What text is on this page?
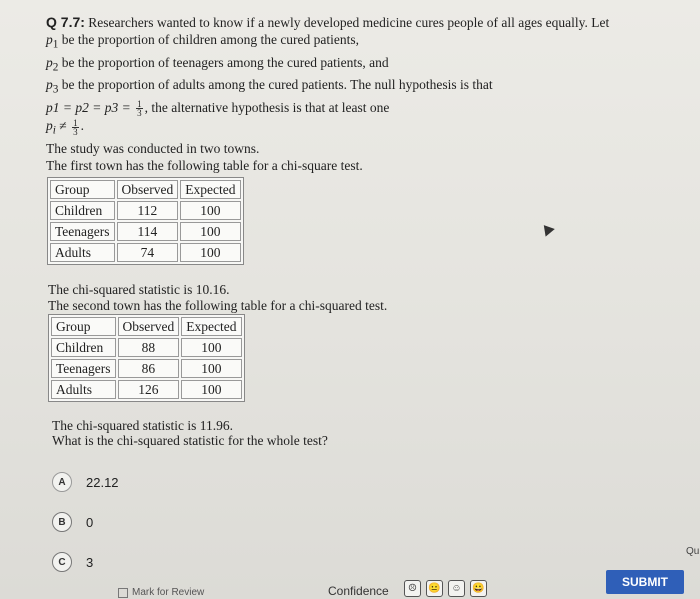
Q 7.7: Researchers wanted to know if a newly developed medicine cures people of all ages equally. Let
$p_1$ be the proportion of children among the cured patients,
$p_2$ be the proportion of teenagers among the cured patients, and
$p_3$ be the proportion of adults among the cured patients. The null hypothesis is that
$p1 = p2 = p3 = \frac{1}{3}$ , the alternative hypothesis is that at least one
$p_i \ne \frac{1}{3}$ .
The study was conducted in two towns.
The first town has the following table for a chi-square test.
Group	Observed	Expected
Children	112	100
Teenagers	114	100
Adults	74	100
The chi-squared statistic is 10.16.
The second town has the following table for a chi-squared test.
Group	Observed	Expected
Children	88	100
Teenagers	86	100
Adults	126	100
The chi-squared statistic is 11.96.
What is the chi-squared statistic for the whole test?
A	22.12
B	0
C	3
Mark for Review	Confidence	☹	😐	☺	😀	SUBMIT
Qu
